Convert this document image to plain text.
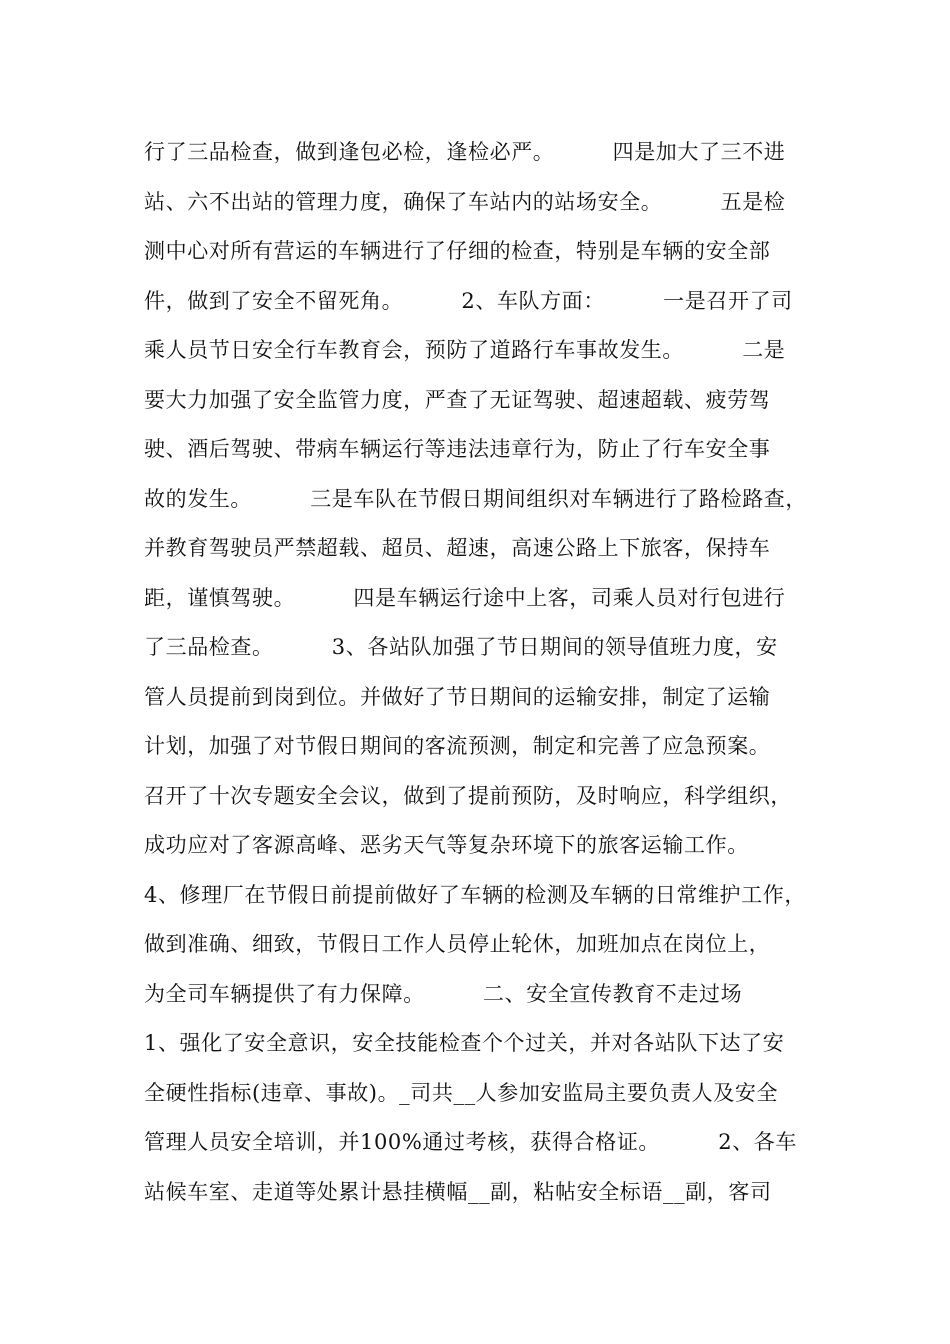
行了三品检查，做到逢包必检，逢检必严。        四是加大了三不进
站、六不出站的管理力度，确保了车站内的站场安全。        五是检
测中心对所有营运的车辆进行了仔细的检查，特别是车辆的安全部
件，做到了安全不留死角。        2、车队方面：        一是召开了司
乘人员节日安全行车教育会，预防了道路行车事故发生。        二是
要大力加强了安全监管力度，严查了无证驾驶、超速超载、疲劳驾
驶、酒后驾驶、带病车辆运行等违法违章行为，防止了行车安全事
故的发生。        三是车队在节假日期间组织对车辆进行了路检路查，
并教育驾驶员严禁超载、超员、超速，高速公路上下旅客，保持车
距，谨慎驾驶。        四是车辆运行途中上客，司乘人员对行包进行
了三品检查。        3、各站队加强了节日期间的领导值班力度，安
管人员提前到岗到位。并做好了节日期间的运输安排，制定了运输
计划，加强了对节假日期间的客流预测，制定和完善了应急预案。
召开了十次专题安全会议，做到了提前预防，及时响应，科学组织，
成功应对了客源高峰、恶劣天气等复杂环境下的旅客运输工作。
4、修理厂在节假日前提前做好了车辆的检测及车辆的日常维护工作，
做到准确、细致，节假日工作人员停止轮休，加班加点在岗位上，
为全司车辆提供了有力保障。        二、安全宣传教育不走过场
1、强化了安全意识，安全技能检查个个过关，并对各站队下达了安
全硬性指标(违章、事故)。_司共__人参加安监局主要负责人及安全
管理人员安全培训，并100%通过考核，获得合格证。        2、各车
站候车室、走道等处累计悬挂横幅__副，粘帖安全标语__副，客司
